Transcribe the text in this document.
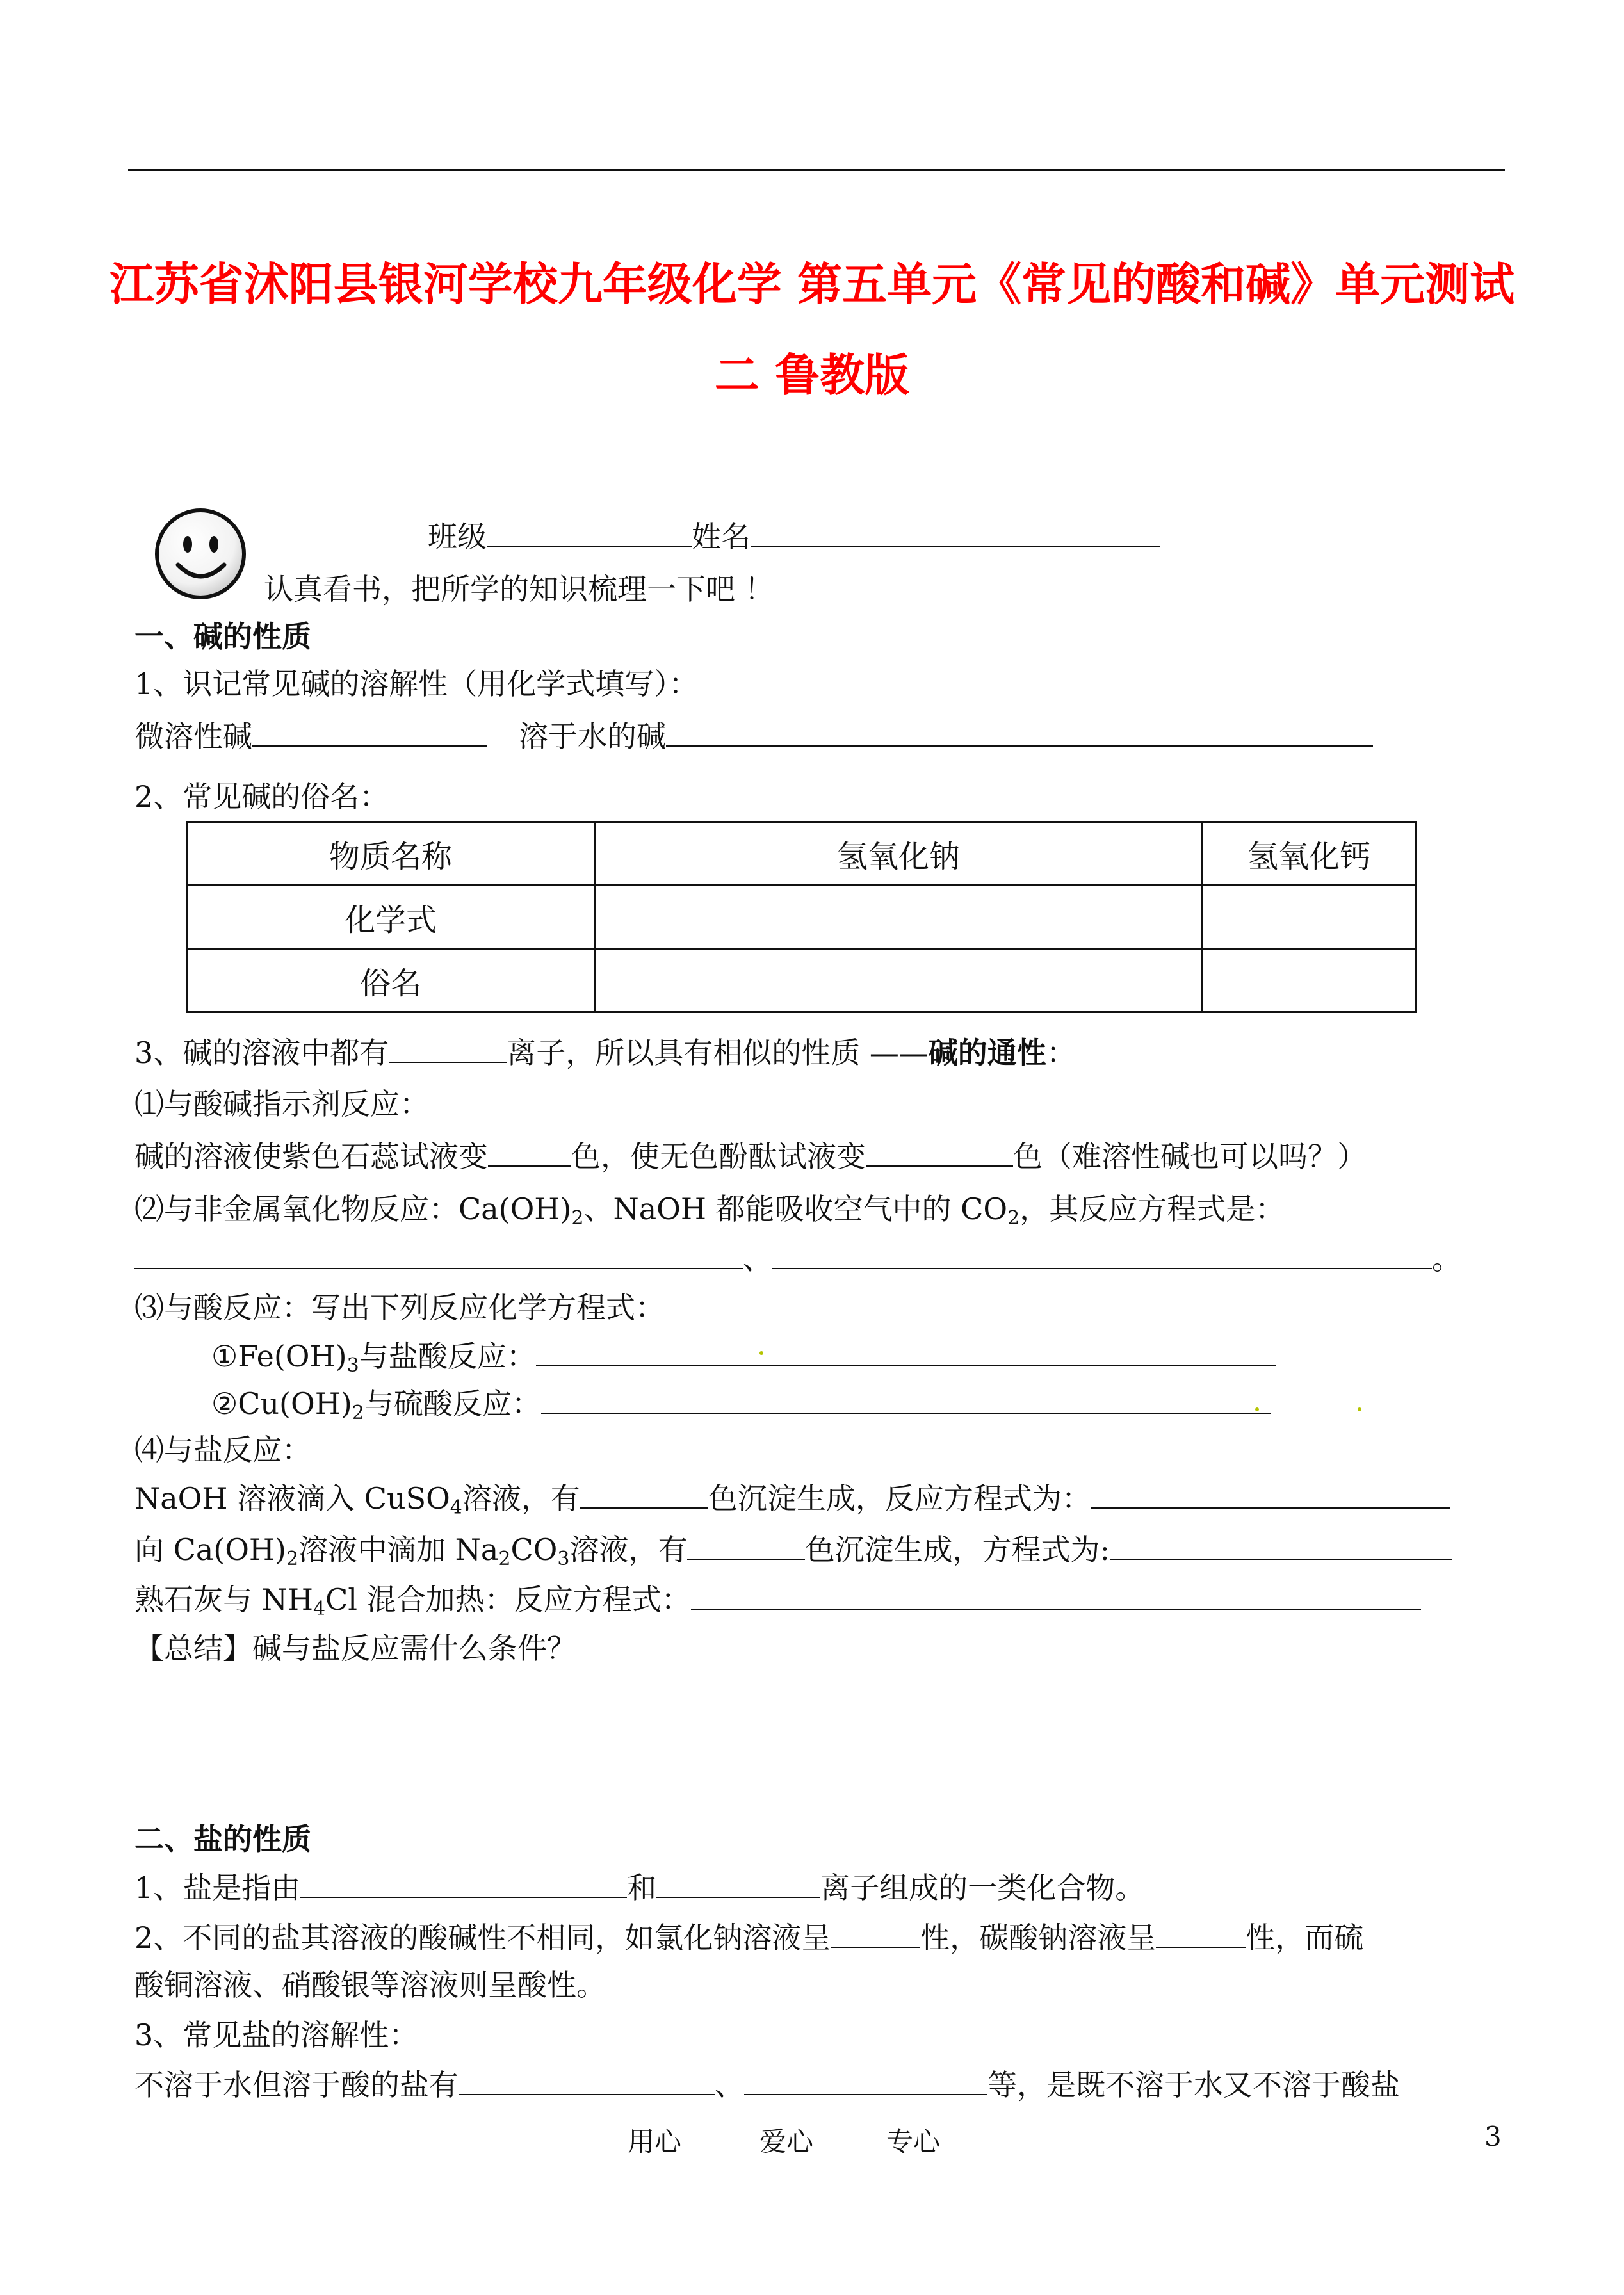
江苏省沭阳县银河学校九年级化学 第五单元《常见的酸和碱》单元测试
二 鲁教版
班级	姓名
认真看书，把所学的知识梳理一下吧 ！
一、碱的性质
1、识记常见碱的溶解性（用化学式填写）：
微溶性碱	溶于水的碱
2、常见碱的俗名：
物质名称	氢氧化钠	氢氧化钙
化学式		
俗名		
3、碱的溶液中都有	离子，所以具有相似的性质 ——碱的通性：
⑴与酸碱指示剂反应：
碱的溶液使紫色石蕊试液变	色，使无色酚酞试液变	色（难溶性碱也可以吗？）
⑵与非金属氧化物反应：$Ca(OH)_2$、NaOH 都能吸收空气中的 $CO_2$，其反应方程式是：
、	。
⑶与酸反应：写出下列反应化学方程式：
$①Fe(OH)_3$与盐酸反应：
$②Cu(OH)_2$与硫酸反应：
⑷与盐反应：
NaOH 溶液滴入 CuSO$_4$溶液，有	色沉淀生成，反应方程式为：
向 $Ca(OH)_2$溶液中滴加 $Na_2CO_3$溶液，有	色沉淀生成，方程式为:
熟石灰与 $NH_4Cl$ 混合加热：反应方程式：
【总结】碱与盐反应需什么条件？
二、盐的性质
1、盐是指由	和	离子组成的一类化合物。
2、不同的盐其溶液的酸碱性不相同，如氯化钠溶液呈	性，碳酸钠溶液呈	性，而硫
酸铜溶液、硝酸银等溶液则呈酸性。
3、常见盐的溶解性：
不溶于水但溶于酸的盐有	、	等，是既不溶于水又不溶于酸盐
用心	爱心	专心	3
